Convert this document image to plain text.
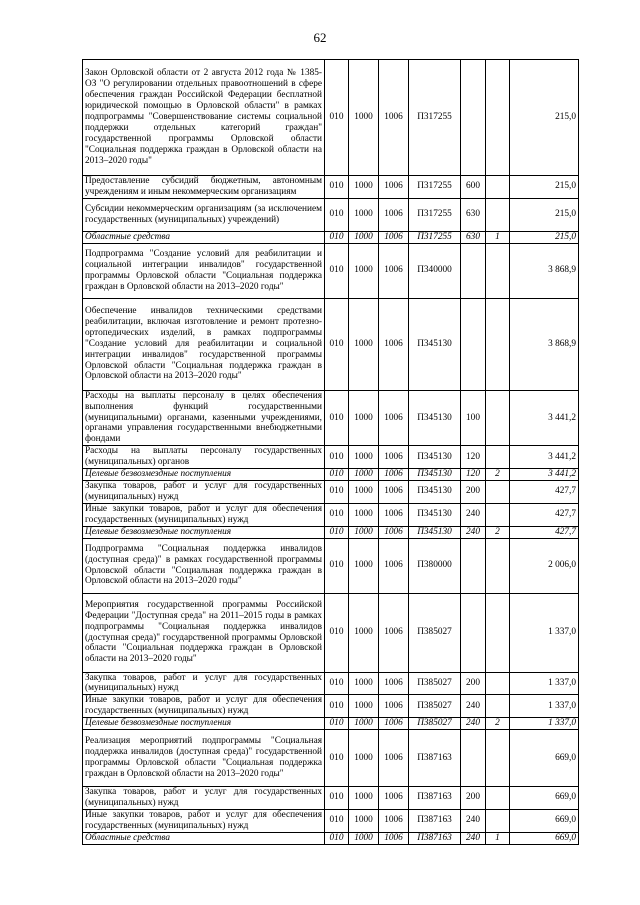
62
Закон Орловской области от 2 августа 2012 года № 1385-ОЗ "О регулировании отдельных правоотношений в сфере обеспечения граждан Российской Федерации бесплатной юридической помощью в Орловской области" в рамках подпрограммы "Совершенствование системы социальной поддержки отдельных категорий граждан" государственной программы Орловской области "Социальная поддержка граждан в Орловской области на 2013–2020 годы"	010	1000	1006	П317255			215,0
Предоставление субсидий бюджетным, автономным учреждениям и иным некоммерческим организациям	010	1000	1006	П317255	600		215,0
Субсидии некоммерческим организациям (за исключением государственных (муниципальных) учреждений)	010	1000	1006	П317255	630		215,0
Областные средства	010	1000	1006	П317255	630	1	215,0
Подпрограмма "Создание условий для реабилитации и социальной интеграции инвалидов" государственной программы Орловской области "Социальная поддержка граждан в Орловской области на 2013–2020 годы"	010	1000	1006	П340000			3 868,9
Обеспечение инвалидов техническими средствами реабилитации, включая изготовление и ремонт протезно-ортопедических изделий, в рамках подпрограммы "Создание условий для реабилитации и социальной интеграции инвалидов" государственной программы Орловской области "Социальная поддержка граждан в Орловской области на 2013–2020 годы"	010	1000	1006	П345130			3 868,9
Расходы на выплаты персоналу в целях обеспечения выполнения функций государственными (муниципальными) органами, казенными учреждениями, органами управления государственными внебюджетными фондами	010	1000	1006	П345130	100		3 441,2
Расходы на выплаты персоналу государственных (муниципальных) органов	010	1000	1006	П345130	120		3 441,2
Целевые безвозмездные поступления	010	1000	1006	П345130	120	2	3 441,2
Закупка товаров, работ и услуг для государственных (муниципальных) нужд	010	1000	1006	П345130	200		427,7
Иные закупки товаров, работ и услуг для обеспечения государственных (муниципальных) нужд	010	1000	1006	П345130	240		427,7
Целевые безвозмездные поступления	010	1000	1006	П345130	240	2	427,7
Подпрограмма "Социальная поддержка инвалидов (доступная среда)" в рамках государственной программы Орловской области "Социальная поддержка граждан в Орловской области на 2013–2020 годы"	010	1000	1006	П380000			2 006,0
Мероприятия государственной программы Российской Федерации "Доступная среда" на 2011–2015 годы в рамках подпрограммы "Социальная поддержка инвалидов (доступная среда)" государственной программы Орловской области "Социальная поддержка граждан в Орловской области на 2013–2020 годы"	010	1000	1006	П385027			1 337,0
Закупка товаров, работ и услуг для государственных (муниципальных) нужд	010	1000	1006	П385027	200		1 337,0
Иные закупки товаров, работ и услуг для обеспечения государственных (муниципальных) нужд	010	1000	1006	П385027	240		1 337,0
Целевые безвозмездные поступления	010	1000	1006	П385027	240	2	1 337,0
Реализация мероприятий подпрограммы "Социальная поддержка инвалидов (доступная среда)" государственной программы Орловской области "Социальная поддержка граждан в Орловской области на 2013–2020 годы"	010	1000	1006	П387163			669,0
Закупка товаров, работ и услуг для государственных (муниципальных) нужд	010	1000	1006	П387163	200		669,0
Иные закупки товаров, работ и услуг для обеспечения государственных (муниципальных) нужд	010	1000	1006	П387163	240		669,0
Областные средства	010	1000	1006	П387163	240	1	669,0
